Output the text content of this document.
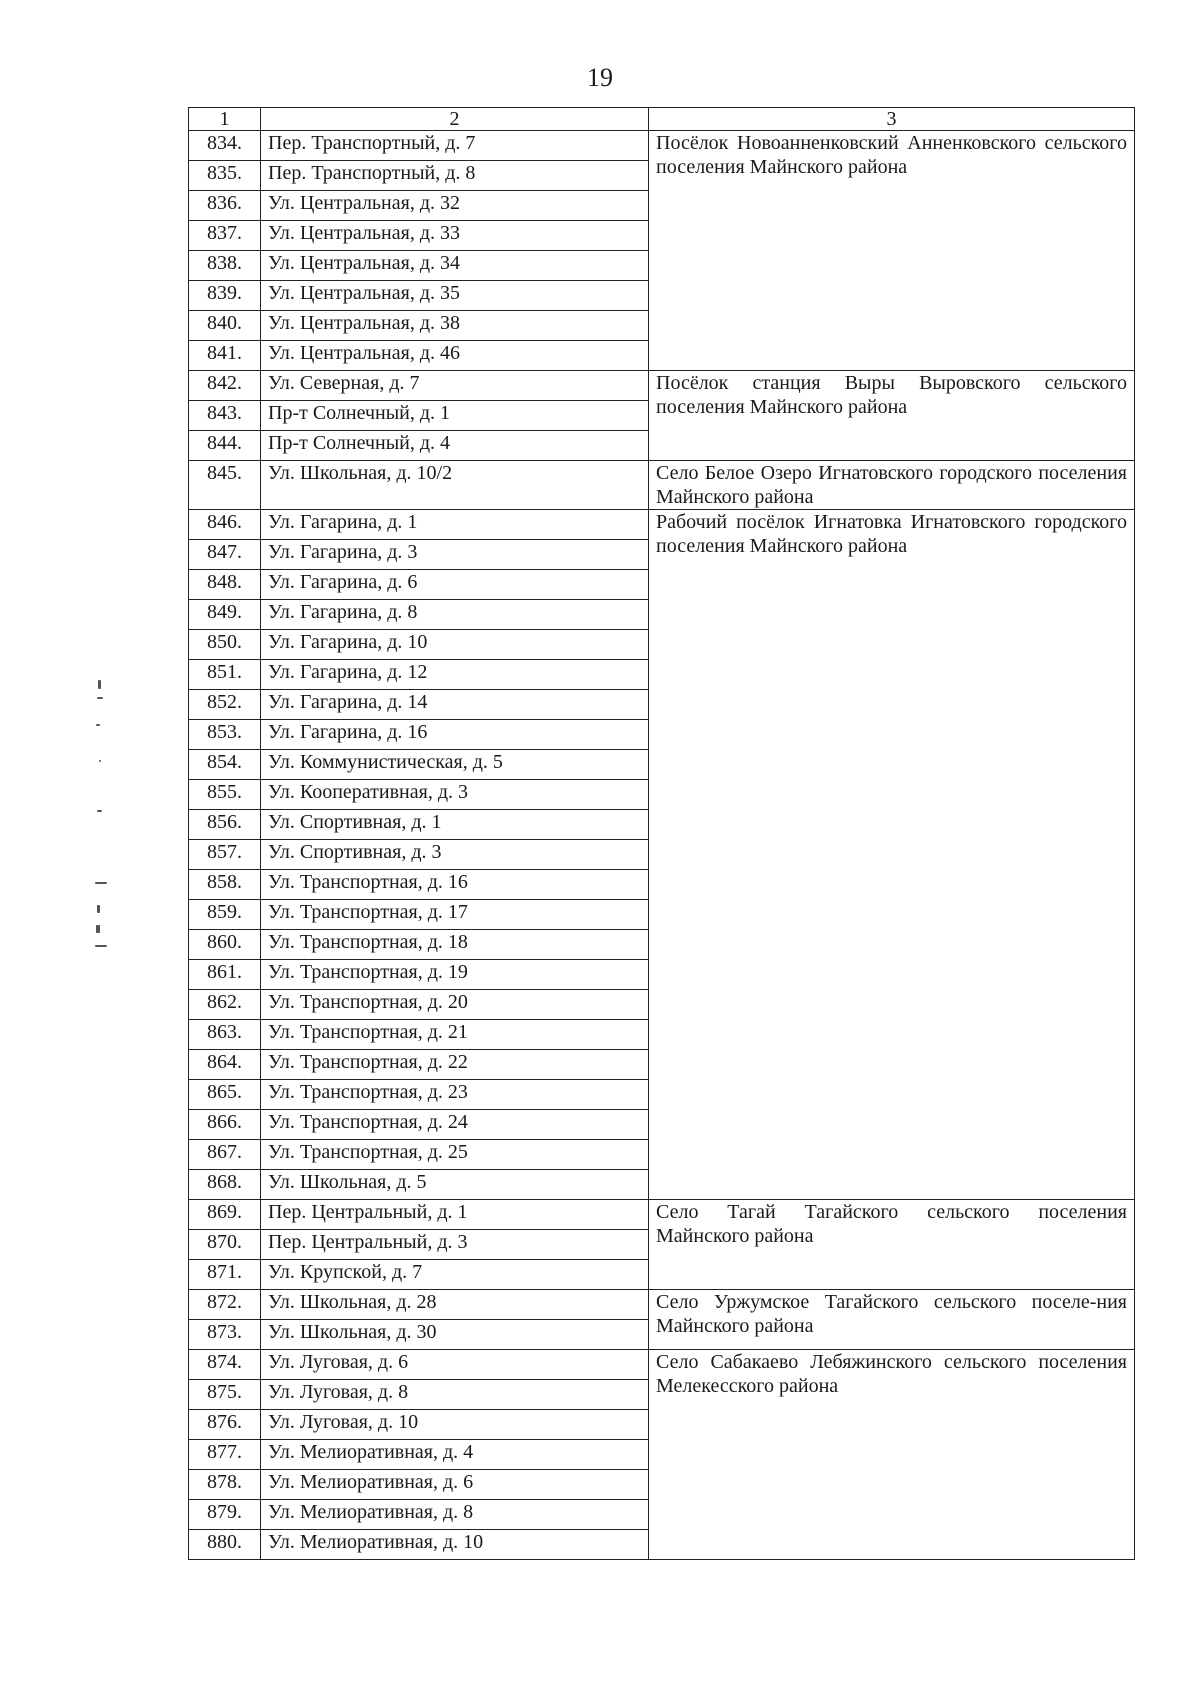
19
1	2	3
834.	Пер. Транспортный, д. 7	Посёлок Новоанненковский Анненковского сельского поселения Майнского района
835.	Пер. Транспортный, д. 8	
836.	Ул. Центральная, д. 32	
837.	Ул. Центральная, д. 33	
838.	Ул. Центральная, д. 34	
839.	Ул. Центральная, д. 35	
840.	Ул. Центральная, д. 38	
841.	Ул. Центральная, д. 46	
842.	Ул. Северная, д. 7	Посёлок станция Выры Выровского сельского поселения Майнского района
843.	Пр-т Солнечный, д. 1	
844.	Пр-т Солнечный, д. 4	
845.	Ул. Школьная, д. 10/2	Село Белое Озеро Игнатовского городского поселения Майнского района
846.	Ул. Гагарина, д. 1	Рабочий посёлок Игнатовка Игнатовского городского поселения Майнского района
847.	Ул. Гагарина, д. 3	
848.	Ул. Гагарина, д. 6	
849.	Ул. Гагарина, д. 8	
850.	Ул. Гагарина, д. 10	
851.	Ул. Гагарина, д. 12	
852.	Ул. Гагарина, д. 14	
853.	Ул. Гагарина, д. 16	
854.	Ул. Коммунистическая, д. 5	
855.	Ул. Кооперативная, д. 3	
856.	Ул. Спортивная, д. 1	
857.	Ул. Спортивная, д. 3	
858.	Ул. Транспортная, д. 16	
859.	Ул. Транспортная, д. 17	
860.	Ул. Транспортная, д. 18	
861.	Ул. Транспортная, д. 19	
862.	Ул. Транспортная, д. 20	
863.	Ул. Транспортная, д. 21	
864.	Ул. Транспортная, д. 22	
865.	Ул. Транспортная, д. 23	
866.	Ул. Транспортная, д. 24	
867.	Ул. Транспортная, д. 25	
868.	Ул. Школьная, д. 5	
869.	Пер. Центральный, д. 1	Село Тагай Тагайского сельского поселения Майнского района
870.	Пер. Центральный, д. 3	
871.	Ул. Крупской, д. 7	
872.	Ул. Школьная, д. 28	Село Уржумское Тагайского сельского поселе-ния Майнского района
873.	Ул. Школьная, д. 30	
874.	Ул. Луговая, д. 6	Село Сабакаево Лебяжинского сельского поселения Мелекесского района
875.	Ул. Луговая, д. 8	
876.	Ул. Луговая, д. 10	
877.	Ул. Мелиоративная, д. 4	
878.	Ул. Мелиоративная, д. 6	
879.	Ул. Мелиоративная, д. 8	
880.	Ул. Мелиоративная, д. 10	
